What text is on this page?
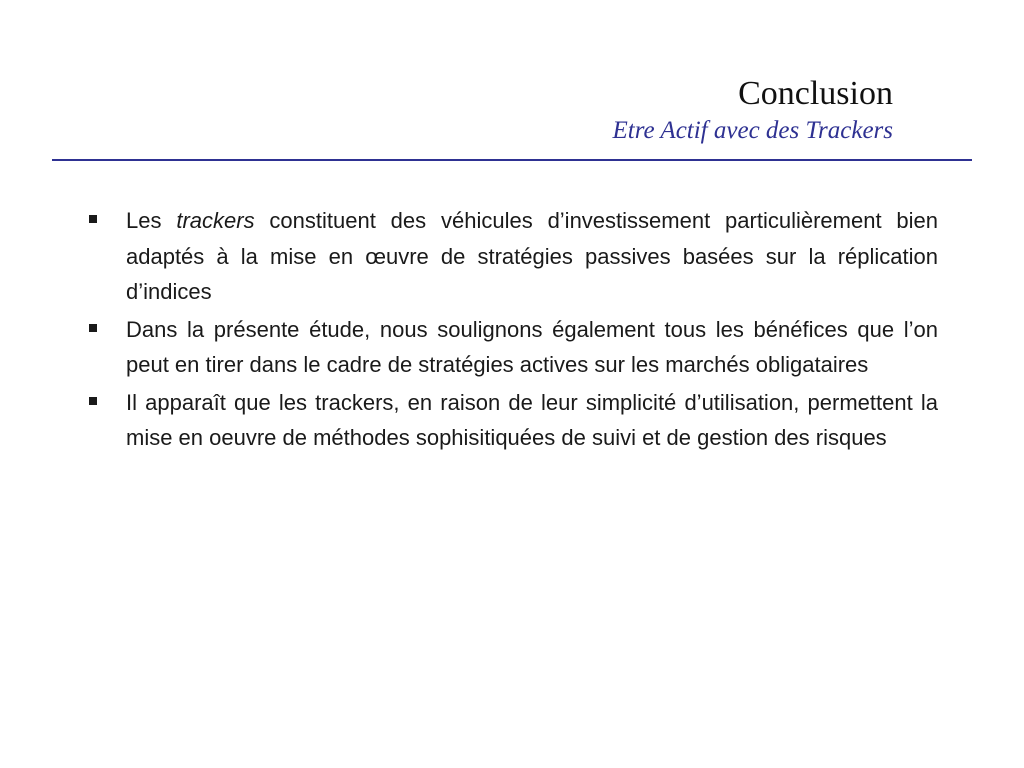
Conclusion
Etre Actif avec des Trackers
Les trackers constituent des véhicules d’investissement particulièrement bien adaptés à la mise en œuvre de stratégies passives basées sur la réplication d’indices
Dans la présente étude, nous soulignons également tous les bénéfices que l’on peut en tirer dans le cadre de stratégies actives sur les marchés obligataires
Il apparaît que les trackers, en raison de leur simplicité d’utilisation, permettent la mise en oeuvre de méthodes sophisitiquées de suivi et de gestion des risques
